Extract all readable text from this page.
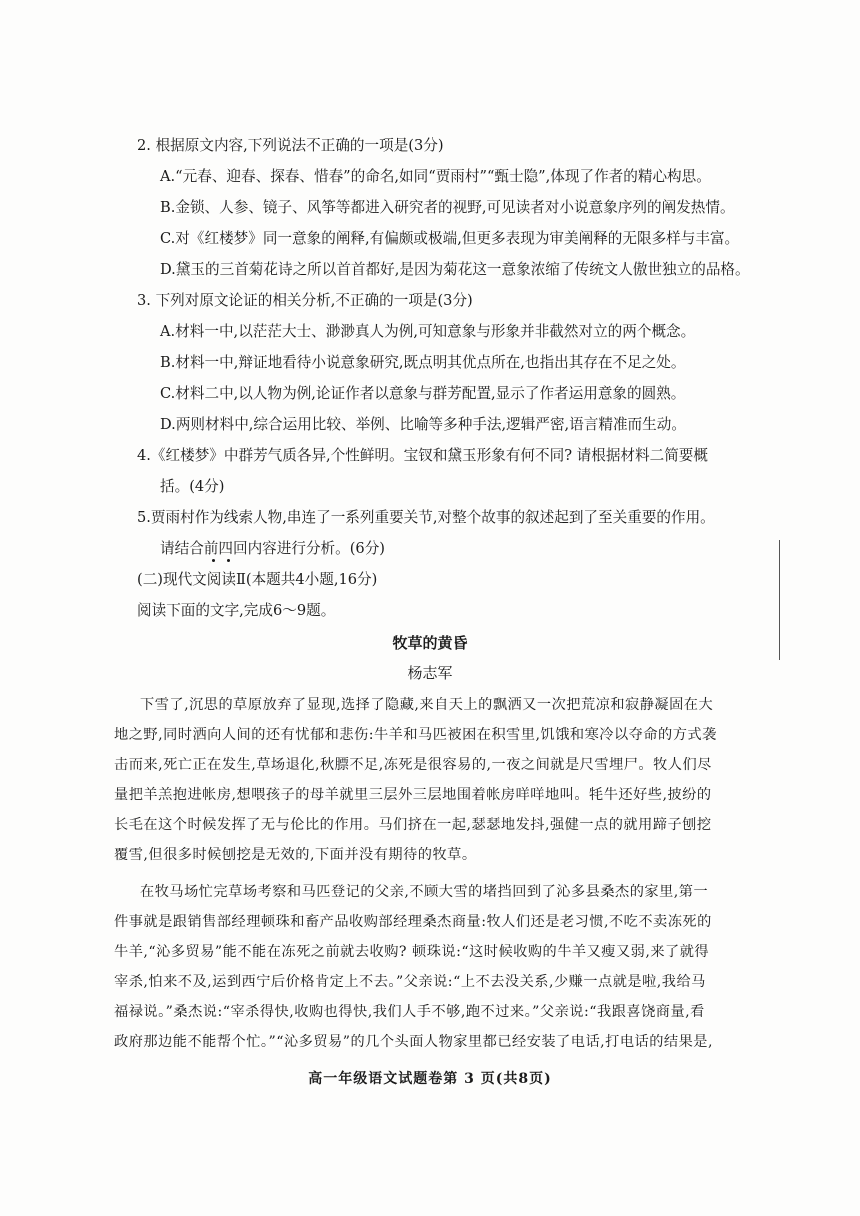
2. 根据原文内容,下列说法不正确的一项是(3分)
A.“元春、迎春、探春、惜春”的命名,如同“贾雨村”“甄士隐”,体现了作者的精心构思。
B.金锁、人参、镜子、风筝等都进入研究者的视野,可见读者对小说意象序列的阐发热情。
C.对《红楼梦》同一意象的阐释,有偏颇或极端,但更多表现为审美阐释的无限多样与丰富。
D.黛玉的三首菊花诗之所以首首都好,是因为菊花这一意象浓缩了传统文人傲世独立的品格。
3. 下列对原文论证的相关分析,不正确的一项是(3分)
A.材料一中,以茫茫大士、渺渺真人为例,可知意象与形象并非截然对立的两个概念。
B.材料一中,辩证地看待小说意象研究,既点明其优点所在,也指出其存在不足之处。
C.材料二中,以人物为例,论证作者以意象与群芳配置,显示了作者运用意象的圆熟。
D.两则材料中,综合运用比较、举例、比喻等多种手法,逻辑严密,语言精准而生动。
4.《红楼梦》中群芳气质各异,个性鲜明。宝钗和黛玉形象有何不同? 请根据材料二简要概
括。(4分)
5.贾雨村作为线索人物,串连了一系列重要关节,对整个故事的叙述起到了至关重要的作用。
请结合前四回内容进行分析。(6分)
(二)现代文阅读Ⅱ(本题共4小题,16分)
阅读下面的文字,完成6～9题。
牧草的黄昏
杨志军
下雪了,沉思的草原放弃了显现,选择了隐藏,来自天上的飘洒又一次把荒凉和寂静凝固在大
地之野,同时洒向人间的还有忧郁和悲伤:牛羊和马匹被困在积雪里,饥饿和寒冷以夺命的方式袭
击而来,死亡正在发生,草场退化,秋膘不足,冻死是很容易的,一夜之间就是尺雪埋尸。牧人们尽
量把羊羔抱进帐房,想喂孩子的母羊就里三层外三层地围着帐房咩咩地叫。牦牛还好些,披纷的
长毛在这个时候发挥了无与伦比的作用。马们挤在一起,瑟瑟地发抖,强健一点的就用蹄子刨挖
覆雪,但很多时候刨挖是无效的,下面并没有期待的牧草。
在牧马场忙完草场考察和马匹登记的父亲,不顾大雪的堵挡回到了沁多县桑杰的家里,第一
件事就是跟销售部经理顿珠和畜产品收购部经理桑杰商量:牧人们还是老习惯,不吃不卖冻死的
牛羊,“沁多贸易”能不能在冻死之前就去收购? 顿珠说:“这时候收购的牛羊又瘦又弱,来了就得
宰杀,怕来不及,运到西宁后价格肯定上不去。”父亲说:“上不去没关系,少赚一点就是啦,我给马
福禄说。”桑杰说:“宰杀得快,收购也得快,我们人手不够,跑不过来。”父亲说:“我跟喜饶商量,看
政府那边能不能帮个忙。”“沁多贸易”的几个头面人物家里都已经安装了电话,打电话的结果是,
高一年级语文试题卷第 3 页(共8页)
